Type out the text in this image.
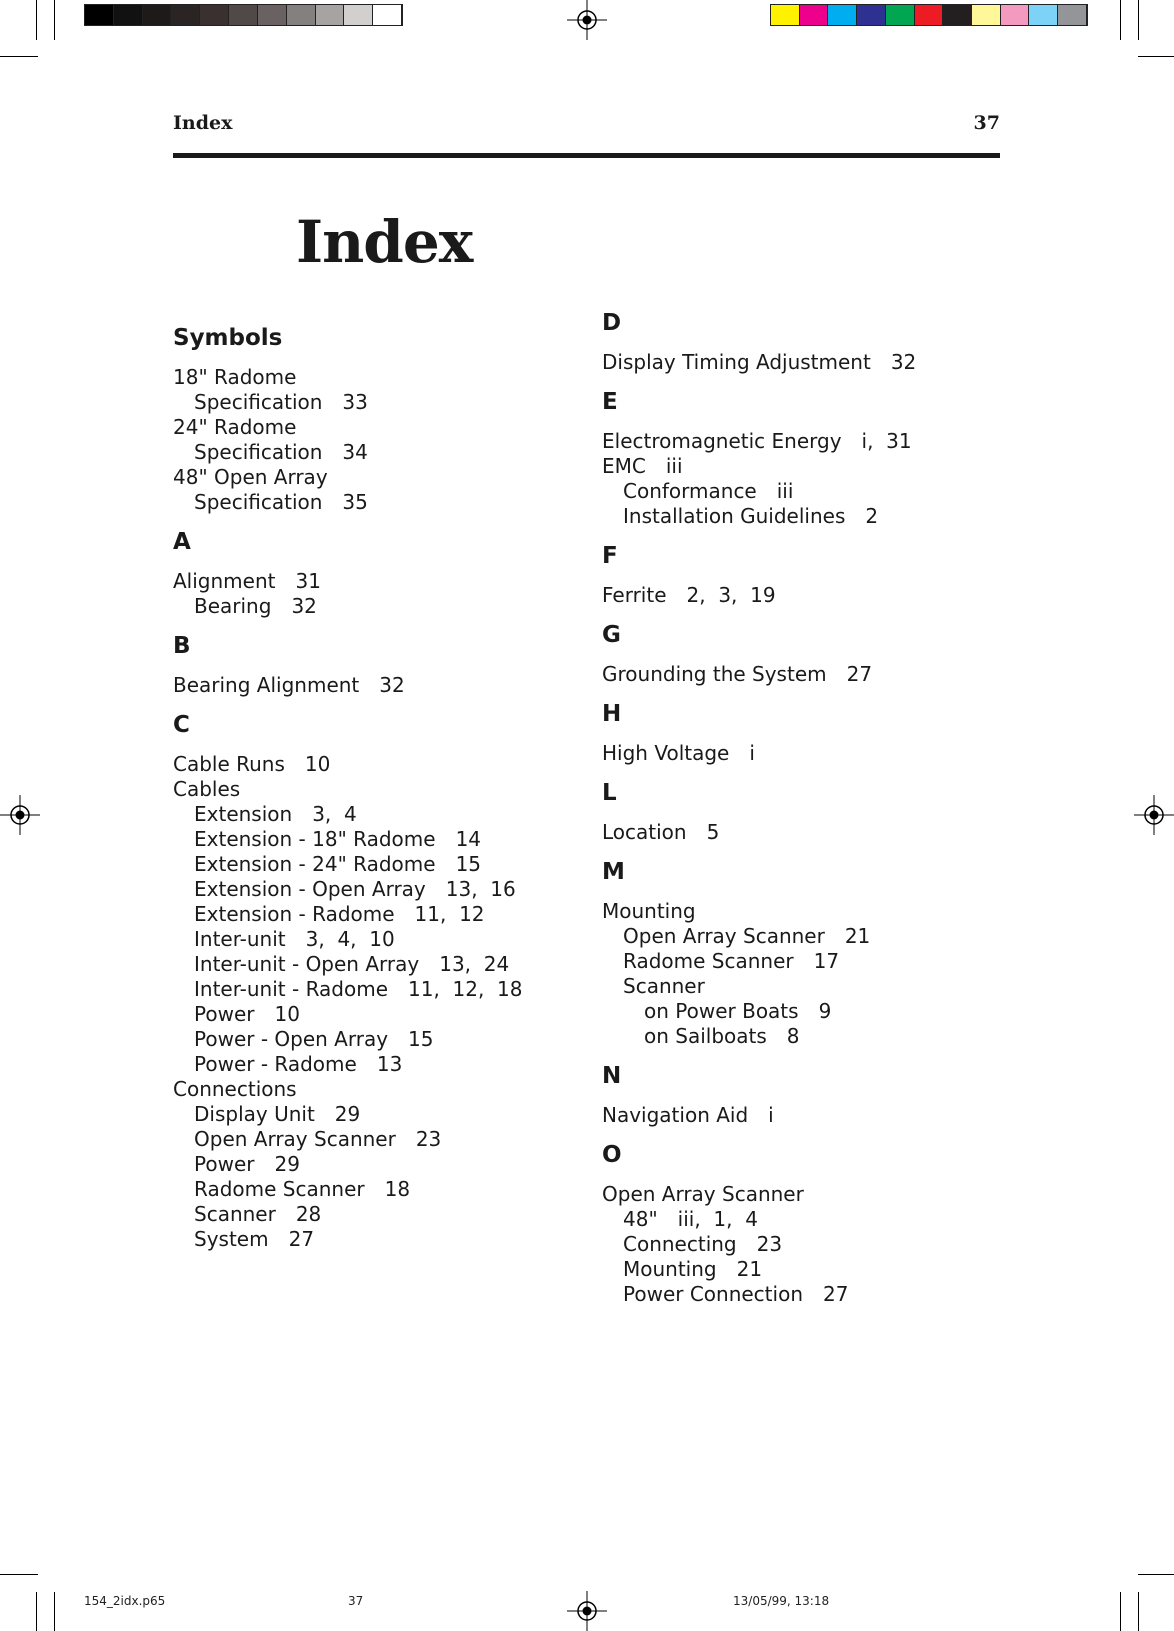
Index	37
Index
Symbols
18" Radome
Specification 33
24" Radome
Specification 34
48" Open Array
Specification 35
A
Alignment 31
Bearing 32
B
Bearing Alignment 32
C
Cable Runs 10
Cables
Extension 3,  4
Extension - 18" Radome 14
Extension - 24" Radome 15
Extension - Open Array 13,  16
Extension - Radome 11,  12
Inter-unit 3,  4,  10
Inter-unit - Open Array 13,  24
Inter-unit - Radome 11,  12,  18
Power 10
Power - Open Array 15
Power - Radome 13
Connections
Display Unit 29
Open Array Scanner 23
Power 29
Radome Scanner 18
Scanner 28
System 27
D
Display Timing Adjustment 32
E
Electromagnetic Energy i,  31
EMC iii
Conformance iii
Installation Guidelines 2
F
Ferrite 2,  3,  19
G
Grounding the System 27
H
High Voltage i
L
Location 5
M
Mounting
Open Array Scanner 21
Radome Scanner 17
Scanner
on Power Boats 9
on Sailboats 8
N
Navigation Aid i
O
Open Array Scanner
48" iii,  1,  4
Connecting 23
Mounting 21
Power Connection 27
154_2idx.p65	37	13/05/99, 13:18
